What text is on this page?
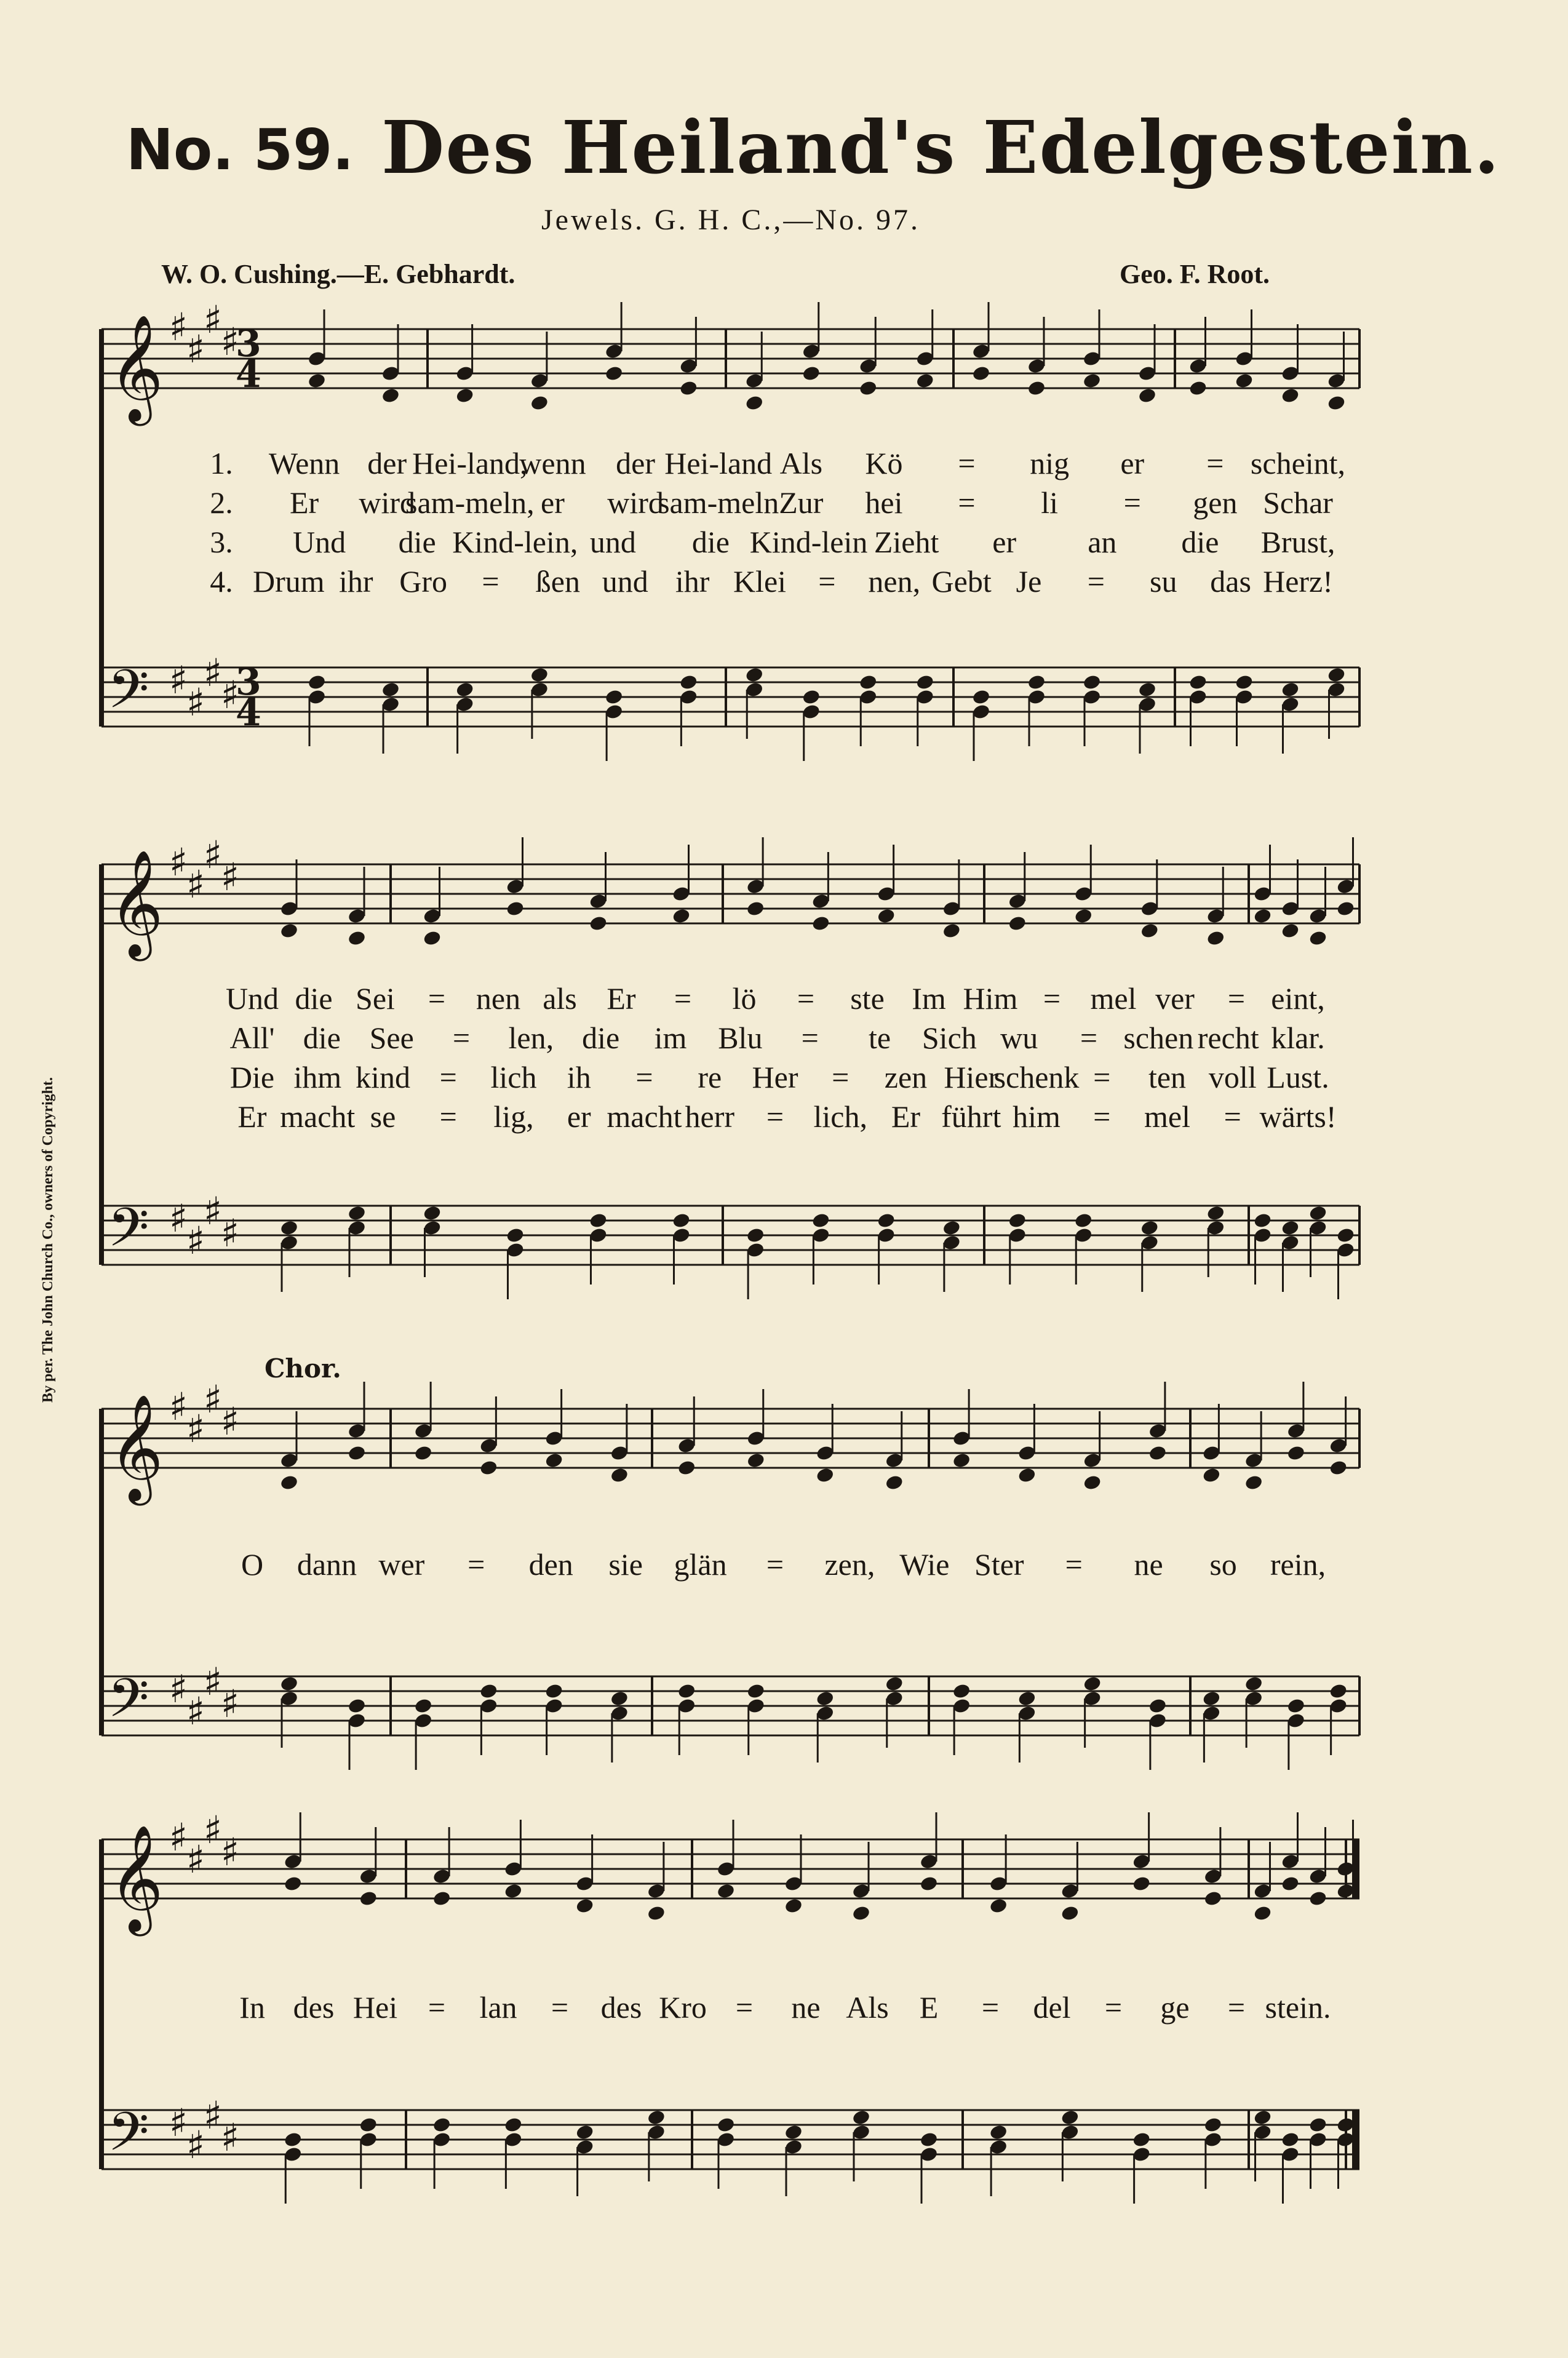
No. 59. Des Heiland's Edelgestein.
Jewels. G. H. C.,—No. 97.
W. O. Cushing.—E. Gebhardt.	Geo. F. Root.
Chor.
By per. The John Church Co., owners of Copyright.
𝄞
𝄢
♯
♯
♯
♯
♯
♯
♯
♯
3
4
3
4
1. Wenn der Hei-land,
wenn der Hei-land Als Kö = nig er = scheint,
2. Er wird
sam-meln, er wird
sam-meln Zur hei = li = gen Schar
3. Und die Kind-lein, und die Kind-lein Zieht er an die Brust,
4. Drum ihr Gro = ßen und ihr Klei = nen, Gebt Je = su das Herz!
𝄞
𝄢
♯
♯
♯
♯
♯
♯
♯
♯
Und die Sei = nen als Er = lö = ste Im Him = mel ver = eint,
All' die See = len, die im Blu = te Sich wu = schen recht klar.
Die ihm kind = lich ih = re Her = zen Hier
schenk = ten voll Lust.
Er macht se = lig, er macht herr = lich, Er führt him = mel = wärts!
𝄞
𝄢
♯
♯
♯
♯
♯
♯
♯
♯
O dann wer = den sie glän = zen, Wie Ster = ne so rein,
𝄞
𝄢
♯
♯
♯
♯
♯
♯
♯
♯
In des Hei = lan = des Kro = ne Als E = del = ge = stein.
